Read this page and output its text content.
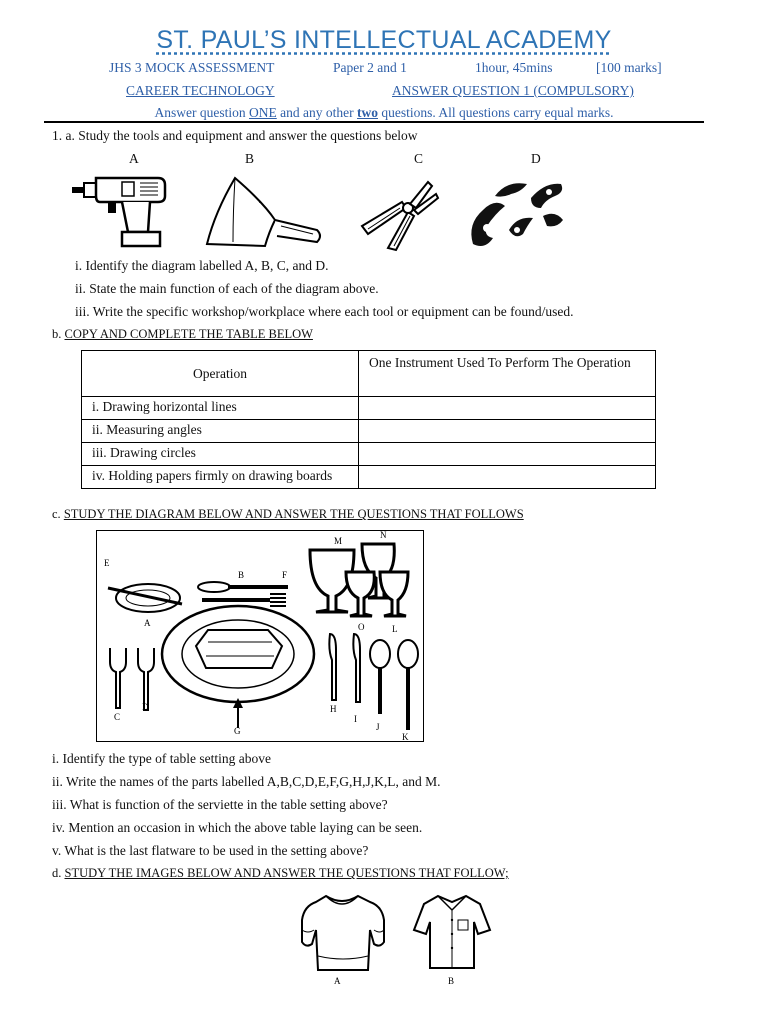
ST. PAUL’S INTELLECTUAL ACADEMY
JHS 3 MOCK ASSESSMENT	Paper 2 and 1	1hour, 45mins	[100 marks]
CAREER TECHNOLOGY	ANSWER QUESTION 1 (COMPULSORY)
Answer question ONE and any other two questions. All questions carry equal marks.
1. a. Study the tools and equipment and answer the questions below
A	B	C	D
i. Identify the diagram labelled A, B, C, and D.
ii. State the main function of each of the diagram above.
iii. Write the specific workshop/workplace where each tool or equipment can be found/used.
b. COPY AND COMPLETE THE TABLE BELOW
Operation	One Instrument Used To Perform The Operation
i. Drawing horizontal lines	
ii. Measuring angles	
iii. Drawing circles	
iv. Holding papers firmly on drawing boards	
c. STUDY THE DIAGRAM BELOW AND ANSWER THE QUESTIONS THAT FOLLOWS
E
A
B	F
C
D
G
H
I
J
K
L
M
N
O
i. Identify the type of table setting above
ii. Write the names of the parts labelled A,B,C,D,E,F,G,H,J,K,L, and M.
iii. What is function of the serviette in the table setting above?
iv. Mention an occasion in which the above table laying can be seen.
v. What is the last flatware to be used in the setting above?
d. STUDY THE IMAGES BELOW AND ANSWER THE QUESTIONS THAT FOLLOW;
A	B
